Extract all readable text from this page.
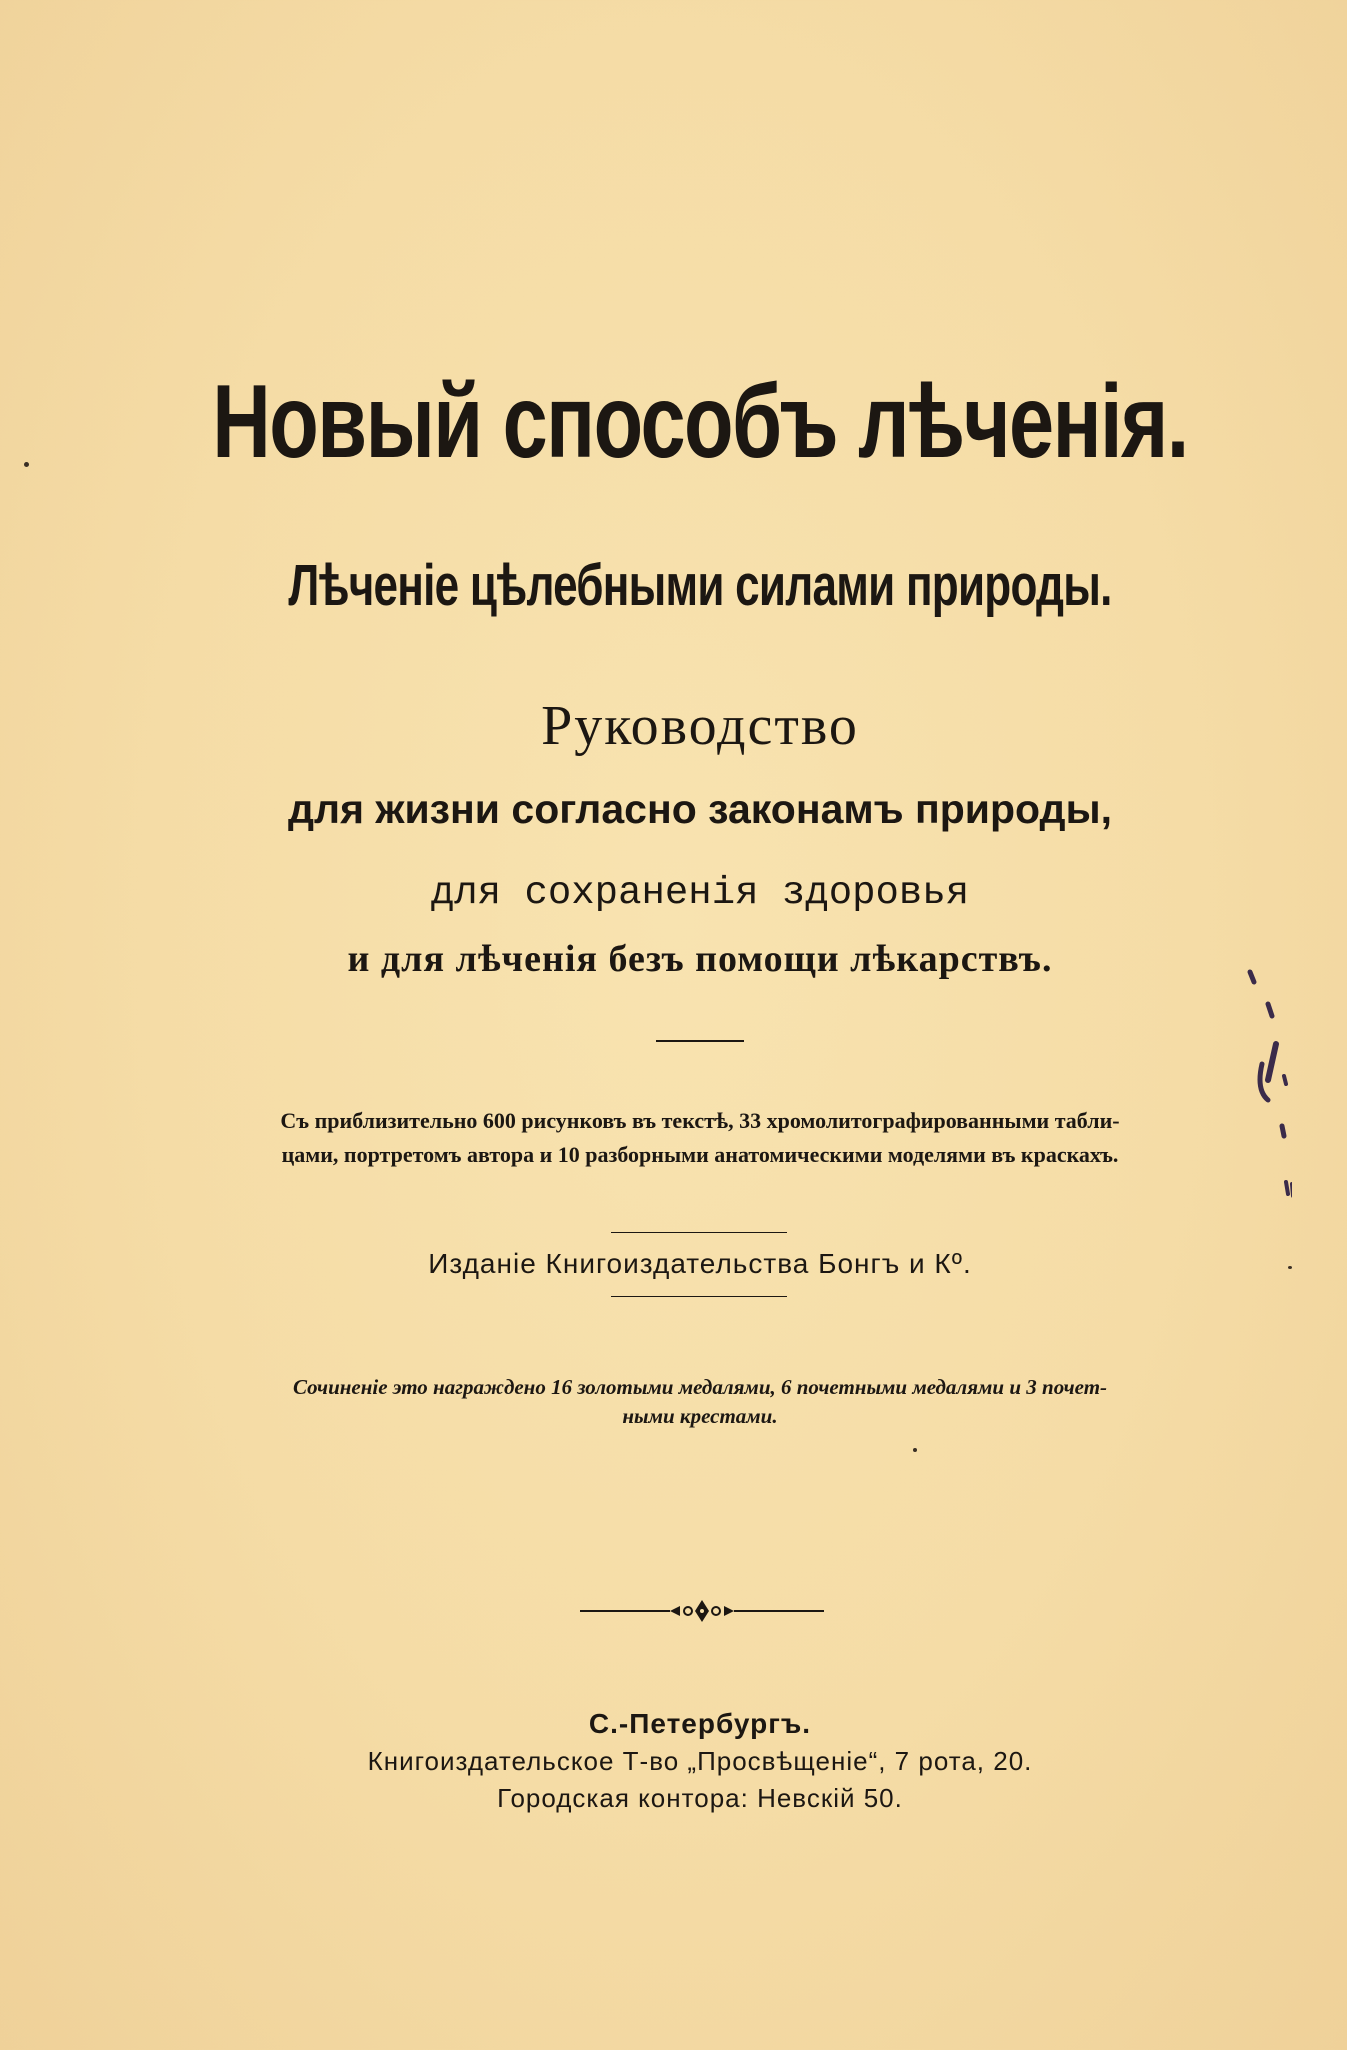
Новый способъ лѣченія.
Лѣченіе цѣлебными силами природы.
Руководство
для жизни согласно законамъ природы,
для сохраненія здоровья
и для лѣченія безъ помощи лѣкарствъ.
Съ приблизительно 600 рисунковъ въ текстѣ, 33 хромолитографированными табли-
цами, портретомъ автора и 10 разборными анатомическими моделями въ краскахъ.
Изданіе Книгоиздательства Бонгъ и Кº.
Сочиненіе это награждено 16 золотыми медалями, 6 почетными медалями и 3 почет-
ными крестами.
С.-Петербургъ.
Книгоиздательское Т-во „Просвѣщеніе“, 7 рота, 20.
Городская контора: Невскій 50.
